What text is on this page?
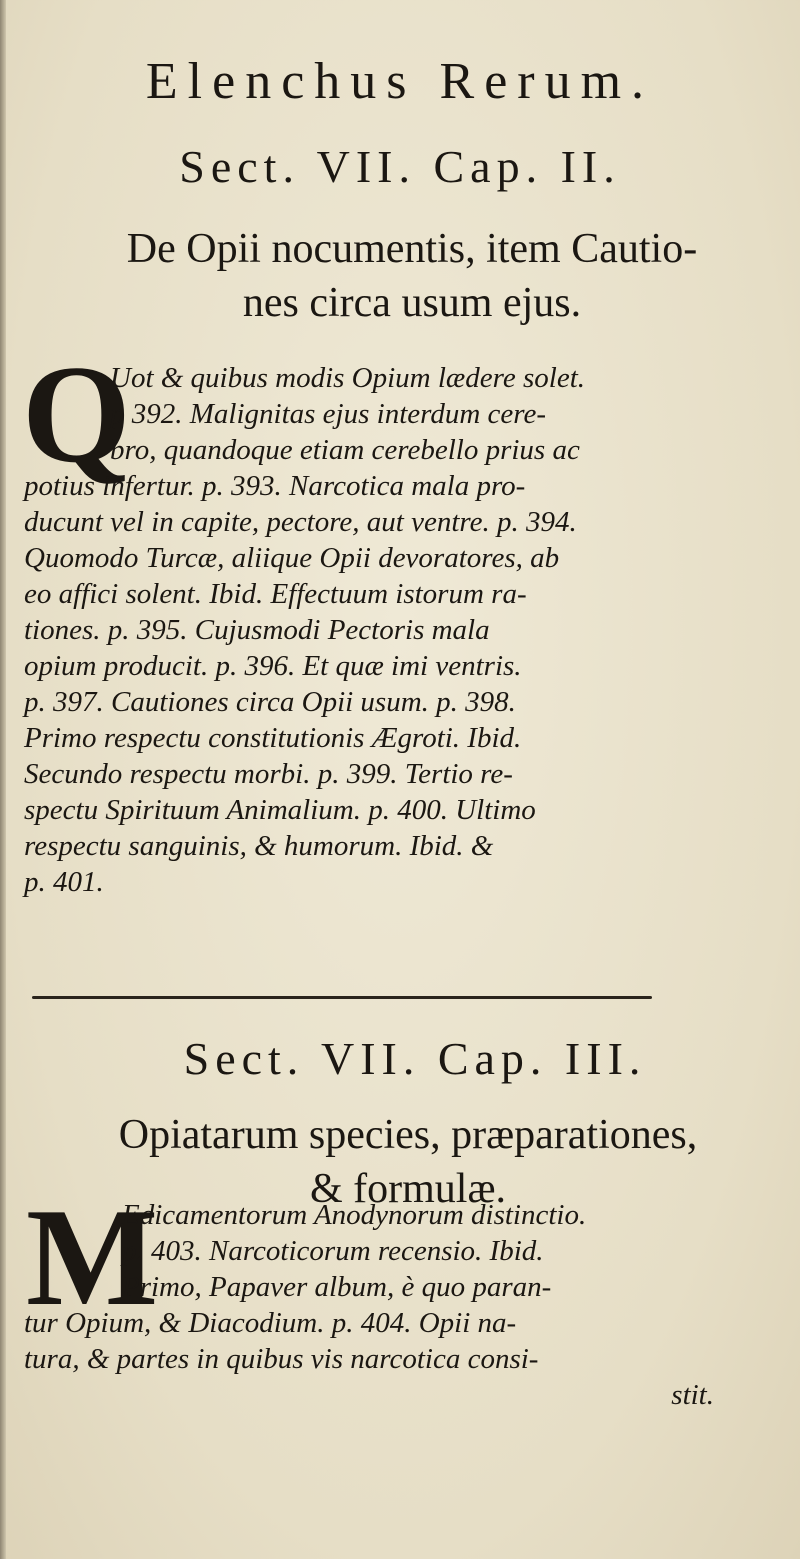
Elenchus Rerum.
Sect. VII. Cap. II.
De Opii nocumentis, item Cautio-
nes circa usum ejus.
Q
Uot & quibus modis Opium lædere solet.
p 392. Malignitas ejus interdum cere-
bro, quandoque etiam cerebello prius ac
potius infertur. p. 393. Narcotica mala pro-
ducunt vel in capite, pectore, aut ventre. p. 394.
Quomodo Turcæ, aliique Opii devoratores, ab
eo affici solent. Ibid. Effectuum istorum ra-
tiones. p. 395. Cujusmodi Pectoris mala
opium producit. p. 396. Et quæ imi ventris.
p. 397. Cautiones circa Opii usum. p. 398.
Primo respectu constitutionis Ægroti. Ibid.
Secundo respectu morbi. p. 399. Tertio re-
spectu Spirituum Animalium. p. 400. Ultimo
respectu sanguinis, & humorum. Ibid. &
p. 401.
Sect. VII. Cap. III.
Opiatarum species, præparationes,
& formulæ.
M
Edicamentorum Anodynorum distinctio.
p. 403. Narcoticorum recensio. Ibid.
Primo, Papaver album, è quo paran-
tur Opium, & Diacodium. p. 404. Opii na-
tura, & partes in quibus vis narcotica consi-
stit.
